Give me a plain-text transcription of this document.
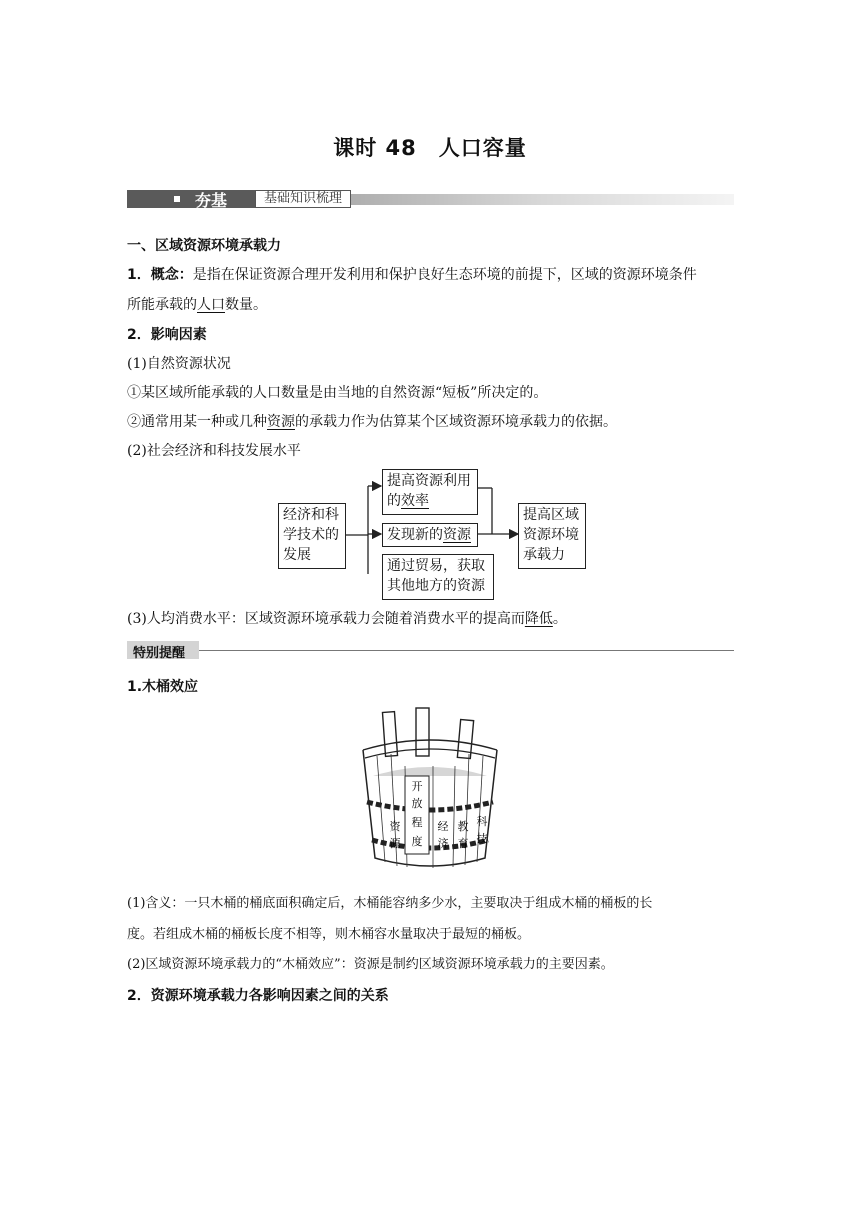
课时 48　人口容量
夯基	基础知识梳理
一、区域资源环境承载力
1．概念：是指在保证资源合理开发利用和保护良好生态环境的前提下，区域的资源环境条件
所能承载的人口数量。
2．影响因素
(1)自然资源状况
①某区域所能承载的人口数量是由当地的自然资源“短板”所决定的。
②通常用某一种或几种资源的承载力作为估算某个区域资源环境承载力的依据。
(2)社会经济和科技发展水平
经济和科
学技术的
发展
提高资源利用
的效率
发现新的资源
通过贸易，获取
其他地方的资源
提高区域
资源环境
承载力
(3)人均消费水平：区域资源环境承载力会随着消费水平的提高而降低。
特别提醒
1.木桶效应
开
放
程
度
资
源
经
济
教
育
科
技
(1)含义：一只木桶的桶底面积确定后，木桶能容纳多少水，主要取决于组成木桶的桶板的长
度。若组成木桶的桶板长度不相等，则木桶容水量取决于最短的桶板。
(2)区域资源环境承载力的“木桶效应”：资源是制约区域资源环境承载力的主要因素。
2．资源环境承载力各影响因素之间的关系
